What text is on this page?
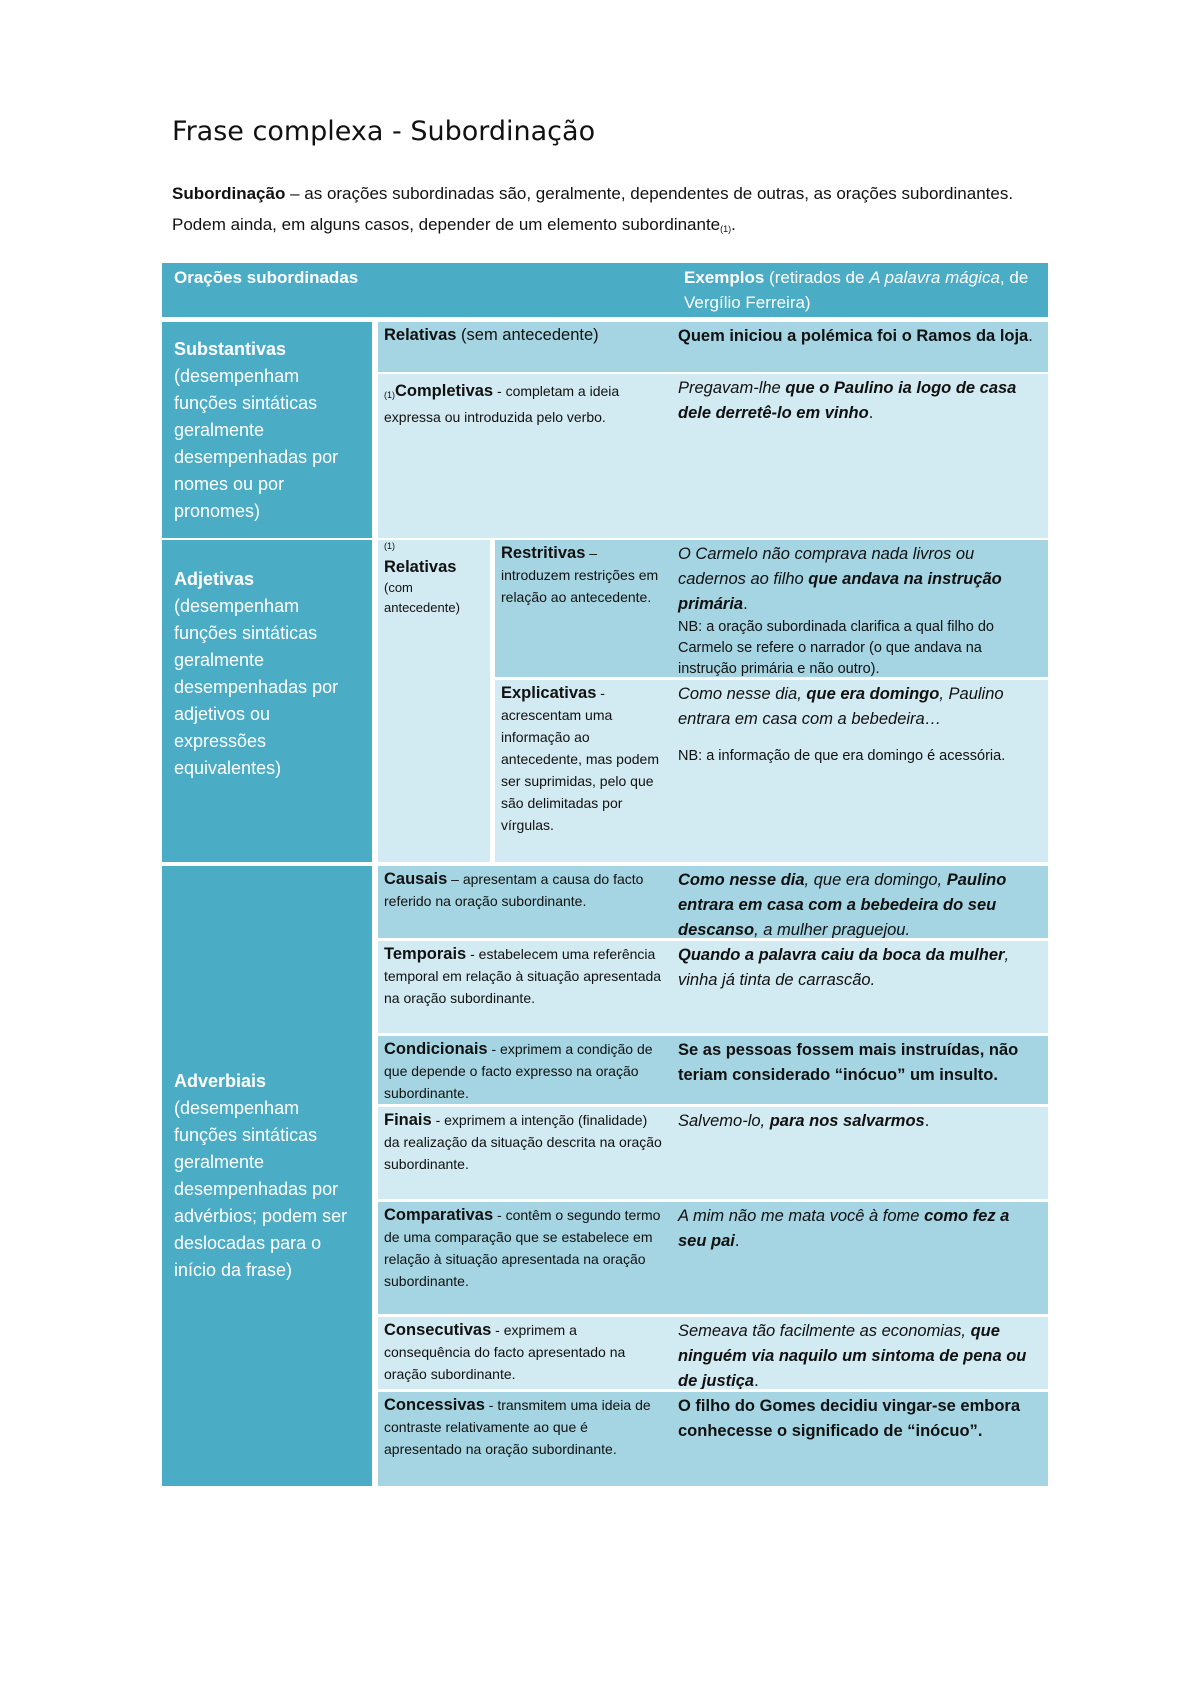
Frase complexa - Subordinação

Subordinação – as orações subordinadas são, geralmente, dependentes de outras, as orações subordinantes. Podem ainda, em alguns casos, depender de um elemento subordinante$_{(1)}$.

Orações subordinadas	Exemplos (retirados de A palavra mágica, de Vergílio Ferreira)
Substantivas (desempenham funções sintáticas geralmente desempenhadas por nomes ou por pronomes)
Adjetivas (desempenham funções sintáticas geralmente desempenhadas por adjetivos ou expressões equivalentes)
Adverbiais (desempenham funções sintáticas geralmente desempenhadas por advérbios; podem ser deslocadas para o início da frase)
Relativas (sem antecedente)	Quem iniciou a polémica foi o Ramos da loja.
$_{(1)}$Completivas - completam a ideia expressa ou introduzida pelo verbo.
Pregavam-lhe que o Paulino ia logo de casa dele derretê-lo em vinho.
(1)
Relativas
(com antecedente)
Restritivas – introduzem restrições em relação ao antecedente.
O Carmelo não comprava nada livros ou cadernos ao filho que andava na instrução primária.
NB: a oração subordinada clarifica a qual filho do Carmelo se refere o narrador (o que andava na instrução primária e não outro).
Explicativas - acrescentam uma informação ao antecedente, mas podem ser suprimidas, pelo que são delimitadas por vírgulas.
Como nesse dia, que era domingo, Paulino entrara em casa com a bebedeira…
NB: a informação de que era domingo é acessória.
Causais – apresentam a causa do facto referido na oração subordinante.
Como nesse dia, que era domingo, Paulino entrara em casa com a bebedeira do seu descanso, a mulher praguejou.
Temporais - estabelecem uma referência temporal em relação à situação apresentada na oração subordinante.
Quando a palavra caiu da boca da mulher, vinha já tinta de carrascão.
Condicionais - exprimem a condição de que depende o facto expresso na oração subordinante.
Se as pessoas fossem mais instruídas, não teriam considerado “inócuo” um insulto.
Finais - exprimem a intenção (finalidade) da realização da situação descrita na oração subordinante.
Salvemo-lo, para nos salvarmos.
Comparativas - contêm o segundo termo de uma comparação que se estabelece em relação à situação apresentada na oração subordinante.
A mim não me mata você à fome como fez a seu pai.
Consecutivas - exprimem a consequência do facto apresentado na oração subordinante.
Semeava tão facilmente as economias, que ninguém via naquilo um sintoma de pena ou de justiça.
Concessivas - transmitem uma ideia de contraste relativamente ao que é apresentado na oração subordinante.
O filho do Gomes decidiu vingar-se embora conhecesse o significado de “inócuo”.
